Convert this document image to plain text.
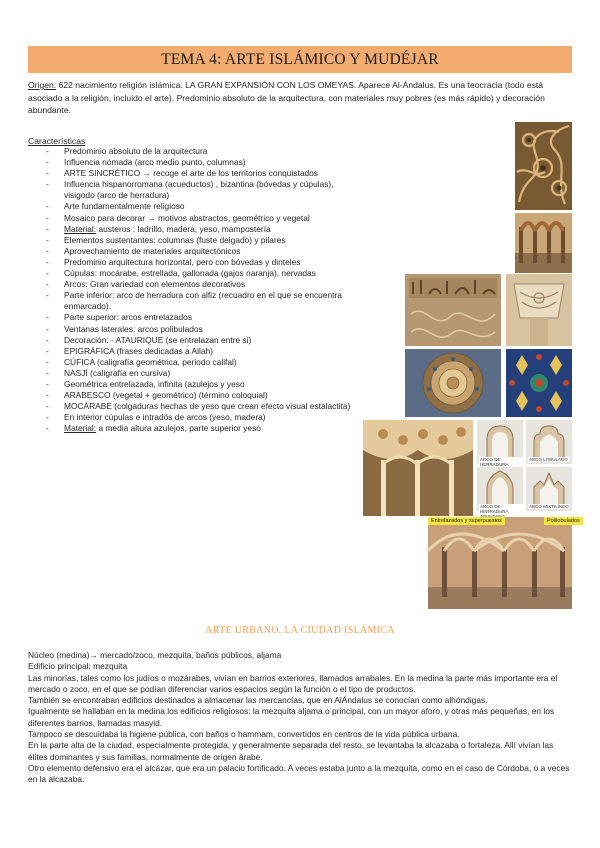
TEMA 4: ARTE ISLÁMICO Y MUDÉJAR
Origen: 622 nacimiento religión islámica. LA GRAN EXPANSIÓN CON LOS OMEYAS. Aparece Al-Ándalus. Es una teocracia (todo está asociado a la religión, incluido el arte). Predominio absoluto de la arquitectura, con materiales muy pobres (es más rápido) y decoración abundante.
Características
- Predominio absoluto de la arquitectura
- Influencia nómada (arco medio punto, columnas)
- ARTE SINCRÉTICO → recoge el arte de los territorios conquistados
- Influencia hispanorromana (acueductos) , bizantina (bóvedas y cúpulas), visigodo (arco de herradura)
- Arte fundamentalmente religioso
- Mosaico para decorar → motivos abstractos, geométrico y vegetal
- Material: austeros : ladrillo, madera, yeso, mampostería
- Elementos sustentantes: columnas (fuste delgado) y pilares
- Aprovechamiento de materiales arquitectónicos
- Predominio arquitectura horizontal, pero con bóvedas y dinteles
- Cúpulas: mocárabe, estrellada, gallonada (gajos naranja), nervadas
- Arcos: Gran variedad con elementos decorativos
- Parte inferior: arco de herradura con alfiz (recuadro en el que se encuentra enmarcado).
- Parte superior: arcos entrelazados
- Ventanas laterales: arcos polibulados
- Decoración: - ATAURIQUE (se entrelazan entre si)
- EPIGRÁFICA (frases dedicadas a Allah)
- CÚFICA (caligrafía geométrica, periodo califal)
- NASJÍ (caligrafía en cursiva)
- Geométrica entrelazada, infinita (azulejos y yeso
- ARABESCO (vegetal + geométrico) (término coloquial)
- MOCÁRABE (colgaduras hechas de yeso que crean efecto visual estalactita)
- En interior cúpulas e intradós de arcos (yeso, madera)
- Material: a media altura azulejos, parte superior yeso
ARCO DE HERRADURA
ARCO LOBULADO
ARCO DE HERRADURA
ARCO MIXTILÍNEO
Entrelazados y superpuestos	Polilobulados
ARTE URBANO. LA CIUDAD ISLÁMICA

Núcleo (medina)→ mercado/zoco, mezquita, baños públicos, aljama

Edificio principal: mezquita

Las minorías, tales como los judíos o mozárabes, vivían en barrios exteriores, llamados arrabales. En la medina la parte más importante era el mercado o zoco, en el que se podían diferenciar varios espacios según la función o el tipo de productos.

También se encontraban edificios destinados a almacenar las mercancías, que en AlÁndalus se conocían como alhóndigas.

Igualmente se hallaban en la medina los edificios religiosos: la mezquita aljama o principal, con un mayor aforo, y otras más pequeñas, en los diferentes barrios, llamadas masyid.

Tampoco se descuidaba la higiene pública, con baños o hammam, convertidos en centros de la vida pública urbana.

En la parte alta de la ciudad, especialmente protegida, y generalmente separada del resto, se levantaba la alcazaba o fortaleza. Allí vivían las élites dominantes y sus familias, normalmente de origen árabe.

Otro elemento defensivo era el alcázar, que era un palacio fortificado. A veces estaba junto a la mezquita, como en el caso de Córdoba, o a veces en la alcazaba.
